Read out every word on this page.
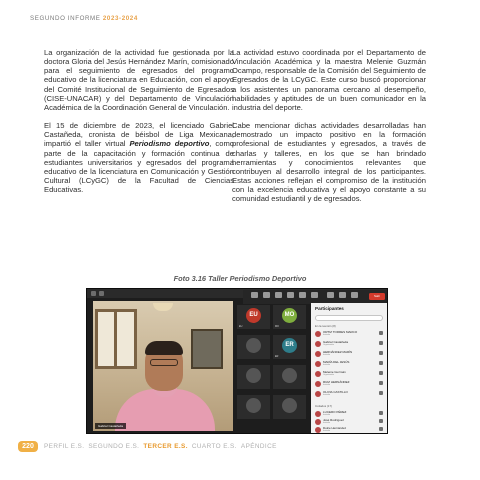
SEGUNDO INFORME 2023-2024

La organización de la actividad fue gestionada por la doctora Gloria del Jesús Hernández Marín, comisionado para el seguimiento de egresados del programo educativo de la licenciatura en Educación, con el apoyo del Comité Institucional de Seguimiento de Egresados (CISE-UNACAR) y del Departamento de Vinculación Académica de la Coordinación General de Vinculación.

El 15 de diciembre de 2023, el licenciado Gabriel Castañeda, cronista de béisbol de Liga Mexicana, impartió el taller virtual Periodismo deportivo, como parte de la capacitación y formación continua de estudiantes universitarios y egresados del programa educativo de la licenciatura en Comunicación y Gestión Cultural (LCyGC) de la Facultad de Ciencias Educativas.

La actividad estuvo coordinada por el Departamento de Vinculación Académica y la maestra Melenie Guzmán Ocampo, responsable de la Comisión del Seguimiento de Egresados de la LCyGC. Este curso buscó proporcionar a los asistentes un panorama cercano al desempeño, habilidades y aptitudes de un buen comunicador en la industria del deporte.

Cabe mencionar dichas actividades desarrolladas han demostrado un impacto positivo en la formación profesional de estudiantes y egresados, a través de charlas y talleres, en los que se han brindado herramientas y conocimientos relevantes que contribuyen al desarrollo integral de los participantes. Estas acciones reflejan el compromiso de la institución con la excelencia educativa y el apoyo constante a su comunidad estudiantil y de egresados.

Foto 3.16 Taller Periodismo Deportivo
Salir
Gabriel Castañeda
EU
EU
MO
MO
ER
ER
Participantes
En la reunión (8)
ORTIZ TORRES MARCO
Invitado
Gabriel Castañeda
Organizador
HERNÁNDEZ MARÍN
Invitado
MARÍA DEL JESÚS
Invitado
Melenie Guzmán
Organizador
RUIZ HERNÁNDEZ
Invitado
OLIVIA CASTILLO
Invitado
LUCERO PÉREZ
Invitado
José Rodríguez
Invitado
Dulce Hernández
Invitado
Invitados (17)
220	PERFIL E.S. SEGUNDO E.S. TERCER E.S. CUARTO E.S. APÉNDICE
